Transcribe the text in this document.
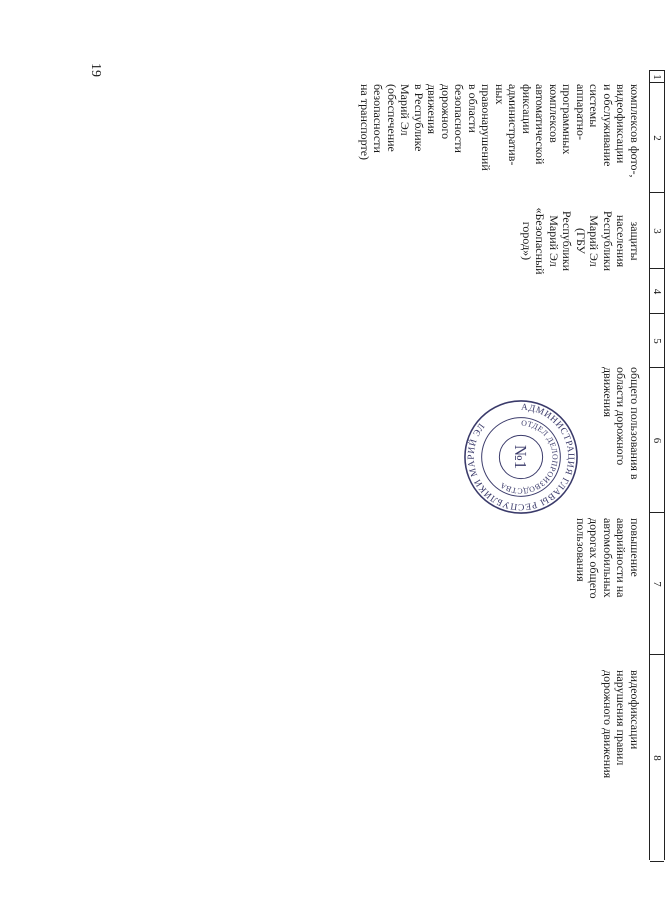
19	1
2
3
4
5
6
7
8
комплексов фото-,
видеофиксации
и обслуживание
системы
аппаратно-
программных
комплексов
автоматической
фиксации
административ-
ных
правонарушений
в области
безопасности
дорожного
движения
в Республике
Марий Эл
(обеспечение
безопасности
на транспорте)
защиты
населения
Республики
Марий Эл
(ГБУ
Республики
Марий Эл
«Безопасный
город»)
общего пользования в
области дорожного
движения
повышение
аварийности на
автомобильных
дорогах общего
пользования
видеофиксации
нарушения правил
дорожного движения
АДМИНИСТРАЦИЯ ГЛАВЫ РЕСПУБЛИКИ МАРИЙ ЭЛ	ОТДЕЛ ДЕЛОПРОИЗВОДСТВА
№1
